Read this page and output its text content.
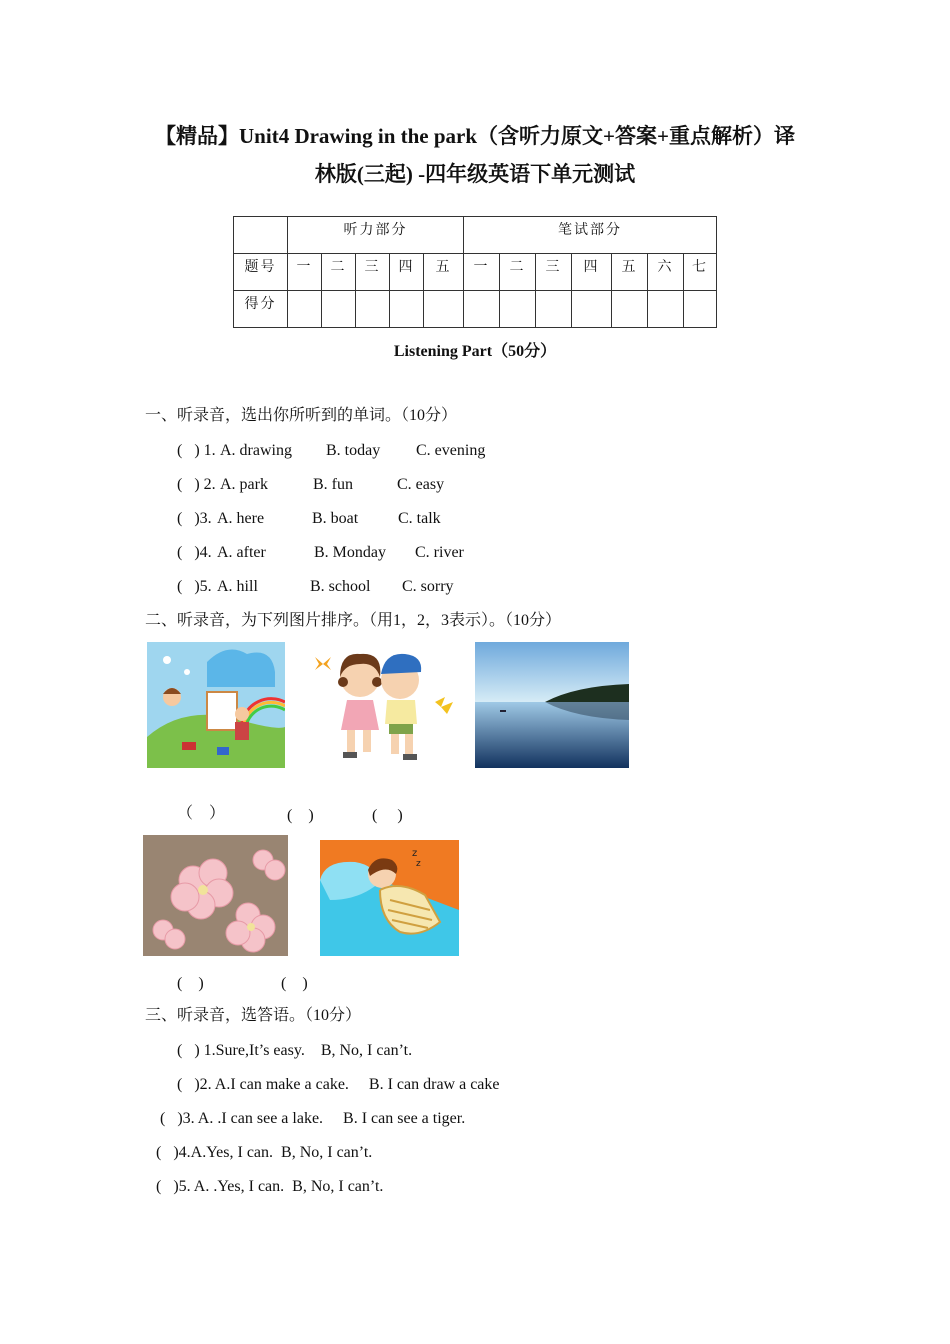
【精品】Unit4 Drawing in the park（含听力原文+答案+重点解析）译
林版(三起) -四年级英语下单元测试
	听力部分					笔试部分						
题号	一	二	三	四	五	一	二	三	四	五	六	七
得分												
Listening Part（50分）
一、听录音，选出你所听到的单词。（10分）
(   ) 1. A. drawing B. today C. evening
(   ) 2. A. park	B. fun	C. easy
(   )3. A. here	B. boat C. talk
(   )4. A. after	B. Monday C. river
(   )5. A. hill	B. school C. sorry
二、听录音，为下列图片排序。（用1，2，3表示）。（10分）
（    ）	(    )	(     )
z
z
(    )	(    )
三、听录音，选答语。（10分）
(   ) 1.Sure,It’s easy.    B, No, I can’t.
(   )2. A.I can make a cake.     B. I can draw a cake
(   )3. A. .I can see a lake.     B. I can see a tiger.
(   )4.A.Yes, I can.  B, No, I can’t.
(   )5. A. .Yes, I can.  B, No, I can’t.
